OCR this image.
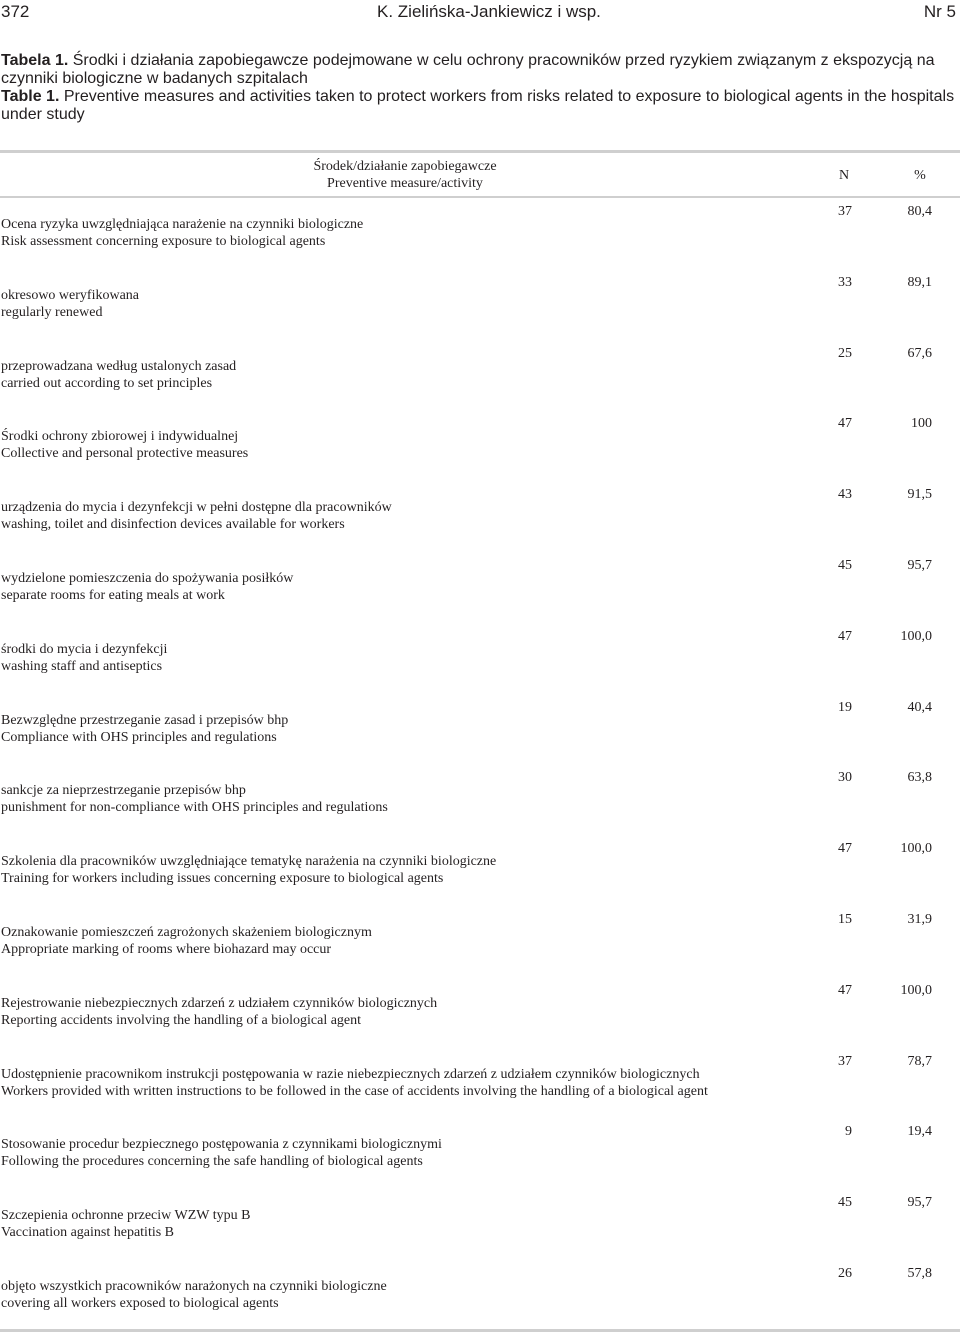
372	K. Zielińska-Jankiewicz i wsp.	Nr 5

Tabela 1. Środki i działania zapobiegawcze podejmowane w celu ochrony pracowników przed ryzykiem związanym z ekspozycją na czynniki biologiczne w badanych szpitalach

Table 1. Preventive measures and activities taken to protect workers from risks related to exposure to biological agents in the hospitals under study

Środek/działanie zapobiegawcze
Preventive measure/activity
N	%
Ocena ryzyka uwzględniająca narażenie na czynniki biologiczne
Risk assessment concerning exposure to biological agents
37	80,4
okresowo weryfikowana
regularly renewed
33	89,1
przeprowadzana według ustalonych zasad
carried out according to set principles
25	67,6
Środki ochrony zbiorowej i indywidualnej
Collective and personal protective measures
47	100
urządzenia do mycia i dezynfekcji w pełni dostępne dla pracowników
washing, toilet and disinfection devices available for workers
43	91,5
wydzielone pomieszczenia do spożywania posiłków
separate rooms for eating meals at work
45	95,7
środki do mycia i dezynfekcji
washing staff and antiseptics
47	100,0
Bezwzględne przestrzeganie zasad i przepisów bhp
Compliance with OHS principles and regulations
19	40,4
sankcje za nieprzestrzeganie przepisów bhp
punishment for non-compliance with OHS principles and regulations
30	63,8
Szkolenia dla pracowników uwzględniające tematykę narażenia na czynniki biologiczne
Training for workers including issues concerning exposure to biological agents
47	100,0
Oznakowanie pomieszczeń zagrożonych skażeniem biologicznym
Appropriate marking of rooms where biohazard may occur
15	31,9
Rejestrowanie niebezpiecznych zdarzeń z udziałem czynników biologicznych
Reporting accidents involving the handling of a biological agent
47	100,0
Udostępnienie pracownikom instrukcji postępowania w razie niebezpiecznych zdarzeń z udziałem czynników biologicznych
Workers provided with written instructions to be followed in the case of accidents involving the handling of a biological agent
37	78,7
Stosowanie procedur bezpiecznego postępowania z czynnikami biologicznymi
Following the procedures concerning the safe handling of biological agents
9	19,4
Szczepienia ochronne przeciw WZW typu B
Vaccination against hepatitis B
45	95,7
objęto wszystkich pracowników narażonych na czynniki biologiczne
covering all workers exposed to biological agents
26	57,8
